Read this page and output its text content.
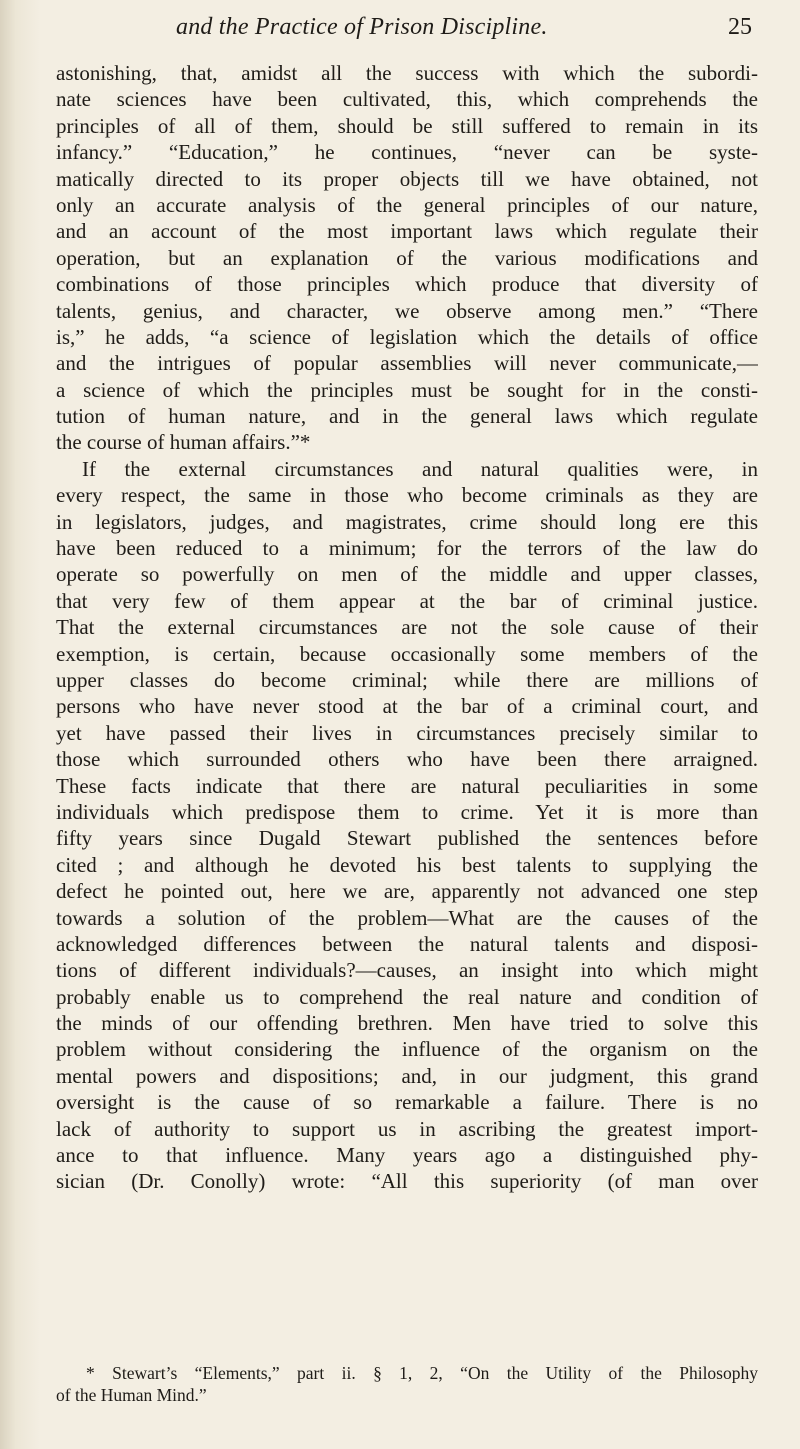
and the Practice of Prison Discipline.	25
astonishing, that, amidst all the success with which the subordi-
nate sciences have been cultivated, this, which comprehends the
principles of all of them, should be still suffered to remain in its
infancy.” “Education,” he continues, “never can be syste-
matically directed to its proper objects till we have obtained, not
only an accurate analysis of the general principles of our nature,
and an account of the most important laws which regulate their
operation, but an explanation of the various modifications and
combinations of those principles which produce that diversity of
talents, genius, and character, we observe among men.” “There
is,” he adds, “a science of legislation which the details of office
and the intrigues of popular assemblies will never communicate,—
a science of which the principles must be sought for in the consti-
tution of human nature, and in the general laws which regulate
the course of human affairs.”*
If the external circumstances and natural qualities were, in
every respect, the same in those who become criminals as they are
in legislators, judges, and magistrates, crime should long ere this
have been reduced to a minimum; for the terrors of the law do
operate so powerfully on men of the middle and upper classes,
that very few of them appear at the bar of criminal justice.
That the external circumstances are not the sole cause of their
exemption, is certain, because occasionally some members of the
upper classes do become criminal; while there are millions of
persons who have never stood at the bar of a criminal court, and
yet have passed their lives in circumstances precisely similar to
those which surrounded others who have been there arraigned.
These facts indicate that there are natural peculiarities in some
individuals which predispose them to crime. Yet it is more than
fifty years since Dugald Stewart published the sentences before
cited ; and although he devoted his best talents to supplying the
defect he pointed out, here we are, apparently not advanced one step
towards a solution of the problem—What are the causes of the
acknowledged differences between the natural talents and disposi-
tions of different individuals?—causes, an insight into which might
probably enable us to comprehend the real nature and condition of
the minds of our offending brethren. Men have tried to solve this
problem without considering the influence of the organism on the
mental powers and dispositions; and, in our judgment, this grand
oversight is the cause of so remarkable a failure. There is no
lack of authority to support us in ascribing the greatest import-
ance to that influence. Many years ago a distinguished phy-
sician (Dr. Conolly) wrote: “All this superiority (of man over
* Stewart’s “Elements,” part ii. § 1, 2, “On the Utility of the Philosophy
of the Human Mind.”
